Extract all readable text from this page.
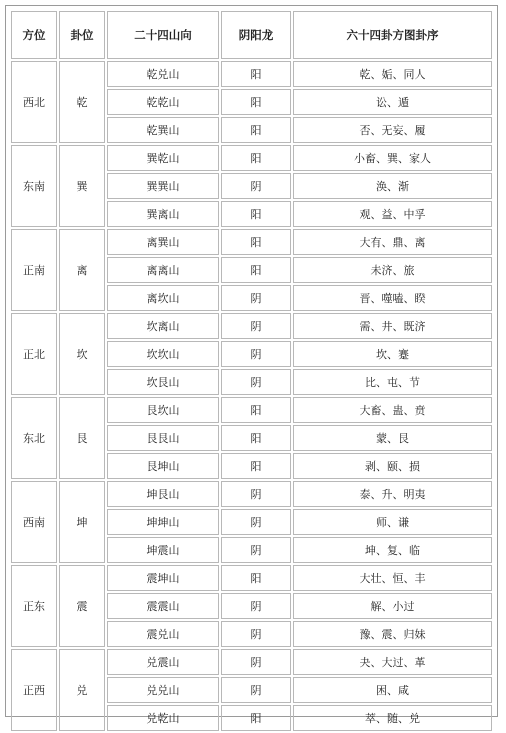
方位	卦位	二十四山向	阴阳龙	六十四卦方图卦序
西北	乾	乾兑山	阳	乾、姤、同人
		乾乾山	阳	讼、遁
		乾巽山	阳	否、无妄、履
东南	巽	巽乾山	阳	小畜、巽、家人
		巽巽山	阴	涣、渐
		巽离山	阳	观、益、中孚
正南	离	离巽山	阳	大有、鼎、离
		离离山	阳	未济、旅
		离坎山	阴	晋、噬嗑、睽
正北	坎	坎离山	阴	需、井、既济
		坎坎山	阴	坎、蹇
		坎艮山	阴	比、屯、节
东北	艮	艮坎山	阳	大畜、蛊、贲
		艮艮山	阳	蒙、艮
		艮坤山	阳	剥、颐、损
西南	坤	坤艮山	阴	泰、升、明夷
		坤坤山	阴	师、谦
		坤震山	阴	坤、复、临
正东	震	震坤山	阳	大壮、恒、丰
		震震山	阴	解、小过
		震兑山	阴	豫、震、归妹
正西	兑	兑震山	阴	夬、大过、革
		兑兑山	阴	困、咸
		兑乾山	阳	萃、随、兑
